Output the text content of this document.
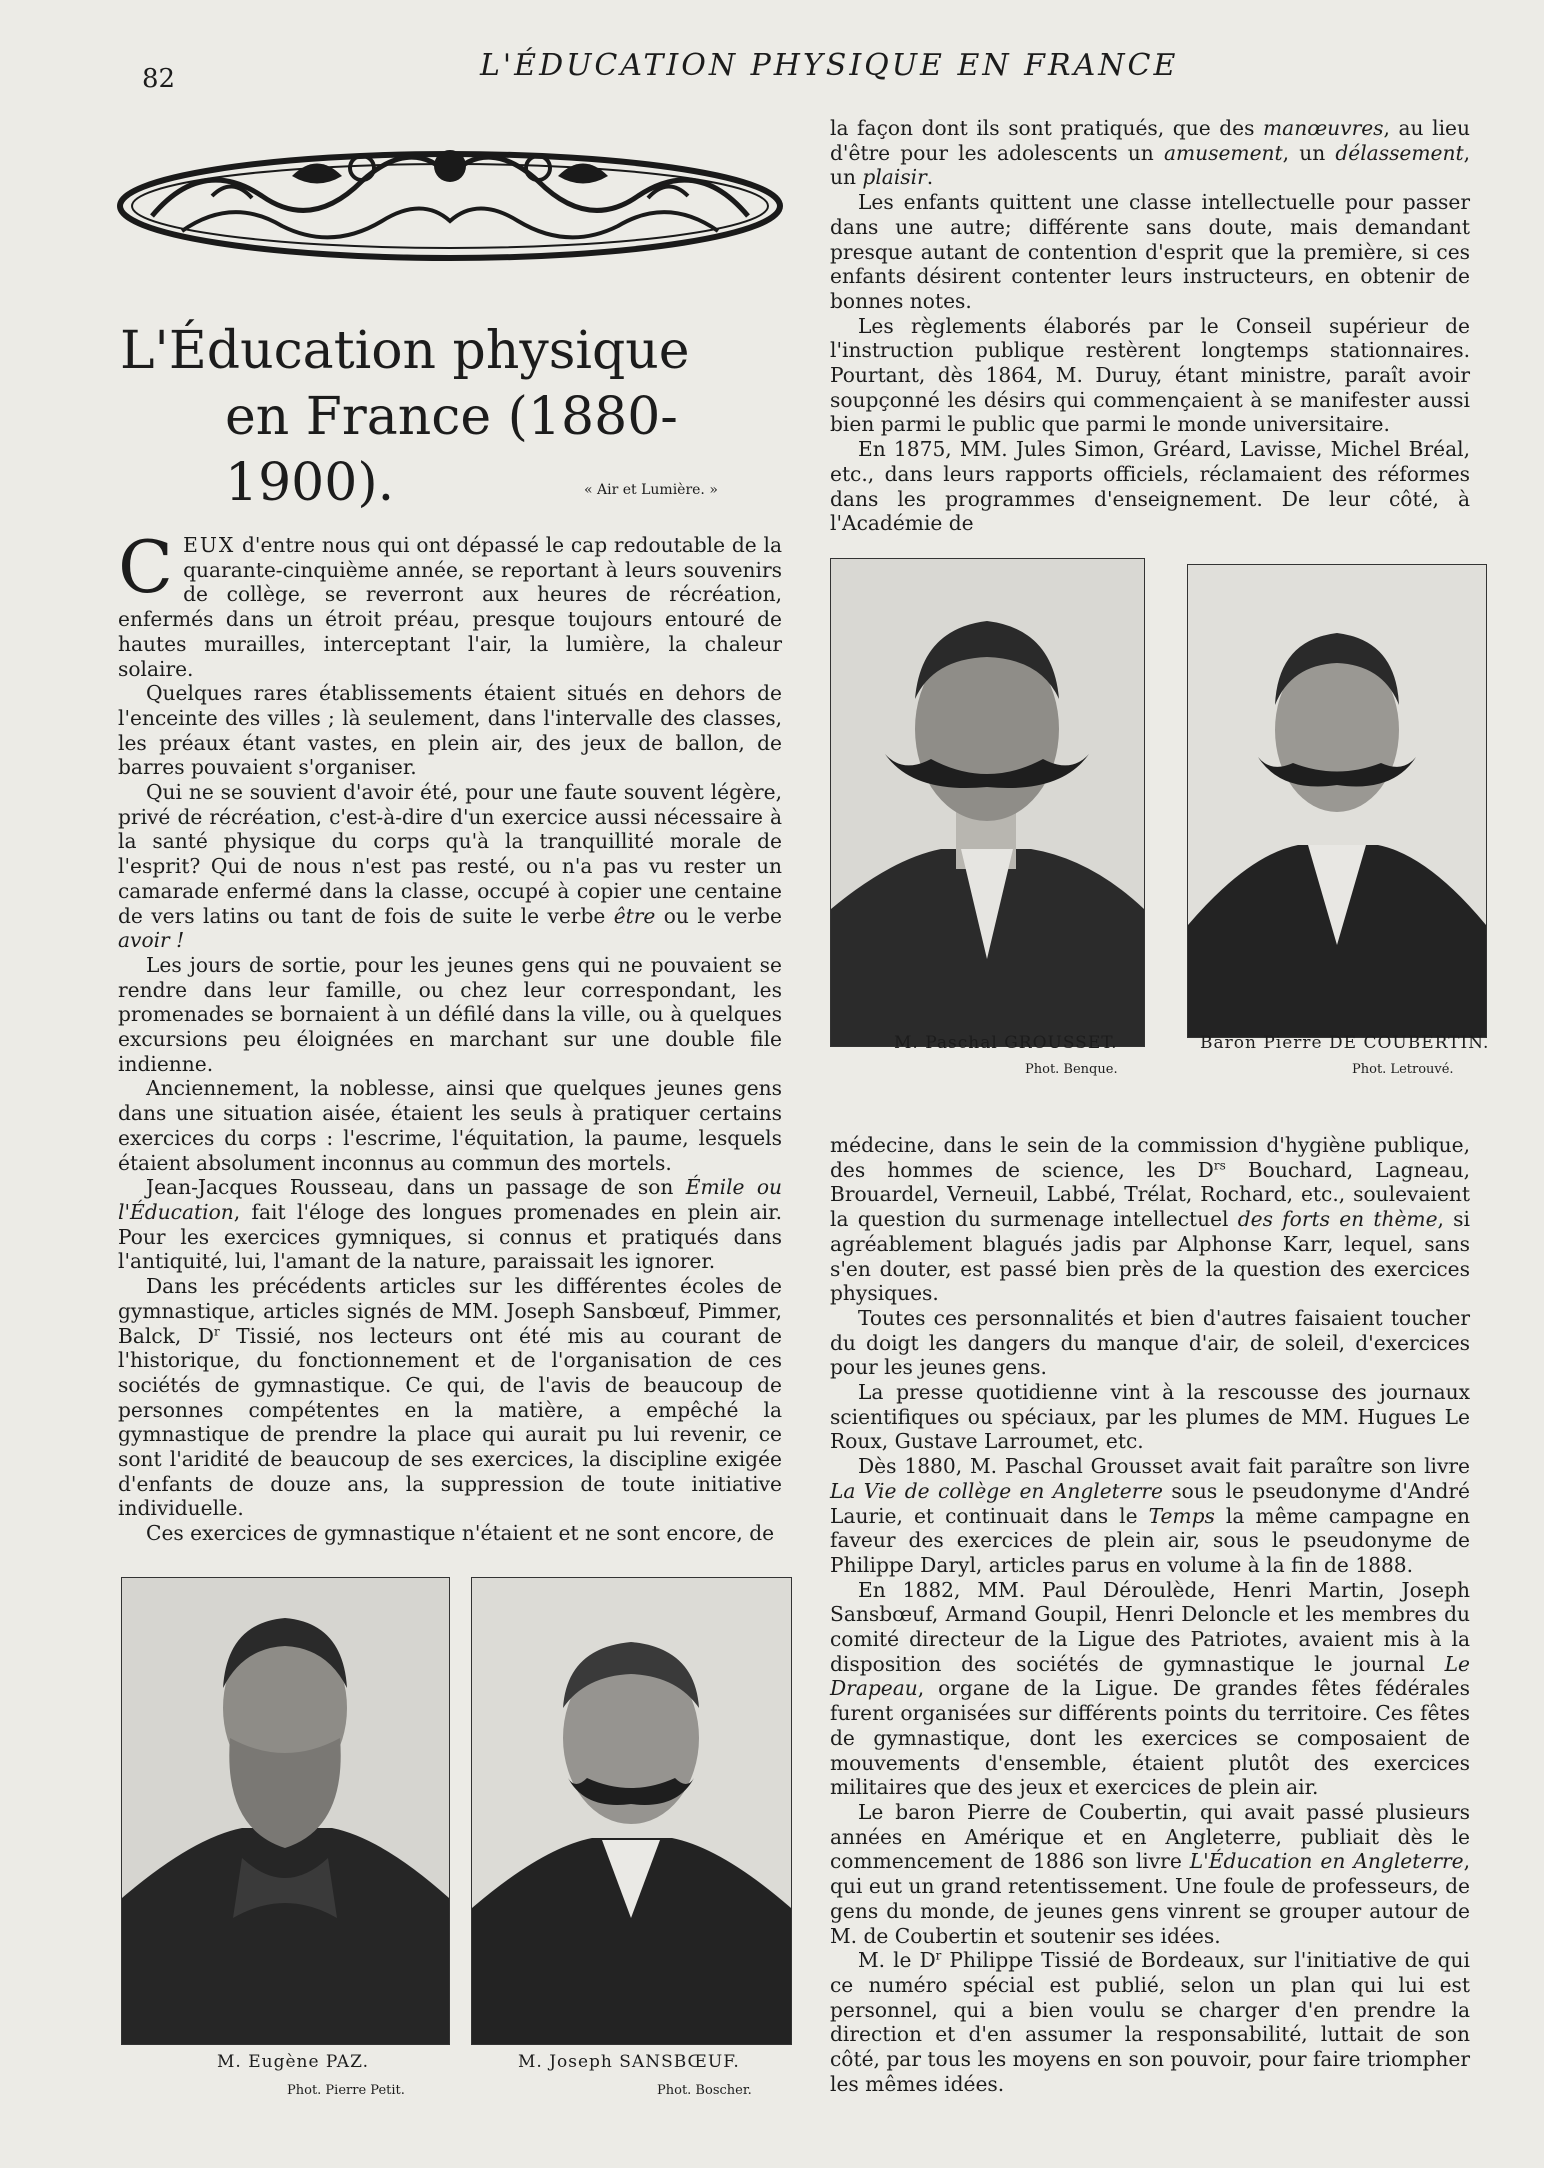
82	L'ÉDUCATION PHYSIQUE EN FRANCE
L'Éducation physique
en France (1880-1900).	« Air et Lumière. »

CEUX d'entre nous qui ont dépassé le cap redoutable de la quarante-cinquième année, se reportant à leurs souvenirs de collège, se reverront aux heures de récréation, enfermés dans un étroit préau, presque toujours entouré de hautes murailles, interceptant l'air, la lumière, la chaleur solaire.

Quelques rares établissements étaient situés en dehors de l'enceinte des villes ; là seulement, dans l'intervalle des classes, les préaux étant vastes, en plein air, des jeux de ballon, de barres pouvaient s'organiser.

Qui ne se souvient d'avoir été, pour une faute souvent légère, privé de récréation, c'est-à-dire d'un exercice aussi nécessaire à la santé physique du corps qu'à la tranquillité morale de l'esprit? Qui de nous n'est pas resté, ou n'a pas vu rester un camarade enfermé dans la classe, occupé à copier une centaine de vers latins ou tant de fois de suite le verbe être ou le verbe avoir !

Les jours de sortie, pour les jeunes gens qui ne pouvaient se rendre dans leur famille, ou chez leur correspondant, les promenades se bornaient à un défilé dans la ville, ou à quelques excursions peu éloignées en marchant sur une double file indienne.

Anciennement, la noblesse, ainsi que quelques jeunes gens dans une situation aisée, étaient les seuls à pratiquer certains exercices du corps : l'escrime, l'équitation, la paume, lesquels étaient absolument inconnus au commun des mortels.

Jean-Jacques Rousseau, dans un passage de son Émile ou l'Éducation, fait l'éloge des longues promenades en plein air. Pour les exercices gymniques, si connus et pratiqués dans l'antiquité, lui, l'amant de la nature, paraissait les ignorer.

Dans les précédents articles sur les différentes écoles de gymnastique, articles signés de MM. Joseph Sansbœuf, Pimmer, Balck, $D^r$ Tissié, nos lecteurs ont été mis au courant de l'historique, du fonctionnement et de l'organisation de ces sociétés de gymnastique. Ce qui, de l'avis de beaucoup de personnes compétentes en la matière, a empêché la gymnastique de prendre la place qui aurait pu lui revenir, ce sont l'aridité de beaucoup de ses exercices, la discipline exigée d'enfants de douze ans, la suppression de toute initiative individuelle.

Ces exercices de gymnastique n'étaient et ne sont encore, de

la façon dont ils sont pratiqués, que des manœuvres, au lieu d'être pour les adolescents un amusement, un délassement, un plaisir.

Les enfants quittent une classe intellectuelle pour passer dans une autre; différente sans doute, mais demandant presque autant de contention d'esprit que la première, si ces enfants désirent contenter leurs instructeurs, en obtenir de bonnes notes.

Les règlements élaborés par le Conseil supérieur de l'instruction publique restèrent longtemps stationnaires. Pourtant, dès 1864, M. Duruy, étant ministre, paraît avoir soupçonné les désirs qui commençaient à se manifester aussi bien parmi le public que parmi le monde universitaire.

En 1875, MM. Jules Simon, Gréard, Lavisse, Michel Bréal, etc., dans leurs rapports officiels, réclamaient des réformes dans les programmes d'enseignement. De leur côté, à l'Académie de

M. Paschal GROUSSET.
Phot. Benque.
Baron Pierre DE COUBERTIN.
Phot. Letrouvé.

médecine, dans le sein de la commission d'hygiène publique, des hommes de science, les $D^{rs}$ Bouchard, Lagneau, Brouardel, Verneuil, Labbé, Trélat, Rochard, etc., soulevaient la question du surmenage intellectuel des forts en thème, si agréablement blagués jadis par Alphonse Karr, lequel, sans s'en douter, est passé bien près de la question des exercices physiques.

Toutes ces personnalités et bien d'autres faisaient toucher du doigt les dangers du manque d'air, de soleil, d'exercices pour les jeunes gens.

La presse quotidienne vint à la rescousse des journaux scientifiques ou spéciaux, par les plumes de MM. Hugues Le Roux, Gustave Larroumet, etc.

Dès 1880, M. Paschal Grousset avait fait paraître son livre La Vie de collège en Angleterre sous le pseudonyme d'André Laurie, et continuait dans le Temps la même campagne en faveur des exercices de plein air, sous le pseudonyme de Philippe Daryl, articles parus en volume à la fin de 1888.

En 1882, MM. Paul Déroulède, Henri Martin, Joseph Sansbœuf, Armand Goupil, Henri Deloncle et les membres du comité directeur de la Ligue des Patriotes, avaient mis à la disposition des sociétés de gymnastique le journal Le Drapeau, organe de la Ligue. De grandes fêtes fédérales furent organisées sur différents points du territoire. Ces fêtes de gymnastique, dont les exercices se composaient de mouvements d'ensemble, étaient plutôt des exercices militaires que des jeux et exercices de plein air.

Le baron Pierre de Coubertin, qui avait passé plusieurs années en Amérique et en Angleterre, publiait dès le commencement de 1886 son livre L'Éducation en Angleterre, qui eut un grand retentissement. Une foule de professeurs, de gens du monde, de jeunes gens vinrent se grouper autour de M. de Coubertin et soutenir ses idées.

M. le $D^r$ Philippe Tissié de Bordeaux, sur l'initiative de qui ce numéro spécial est publié, selon un plan qui lui est personnel, qui a bien voulu se charger d'en prendre la direction et d'en assumer la responsabilité, luttait de son côté, par tous les moyens en son pouvoir, pour faire triompher les mêmes idées.

M. Eugène PAZ.
Phot. Pierre Petit.
M. Joseph SANSBŒUF.
Phot. Boscher.
